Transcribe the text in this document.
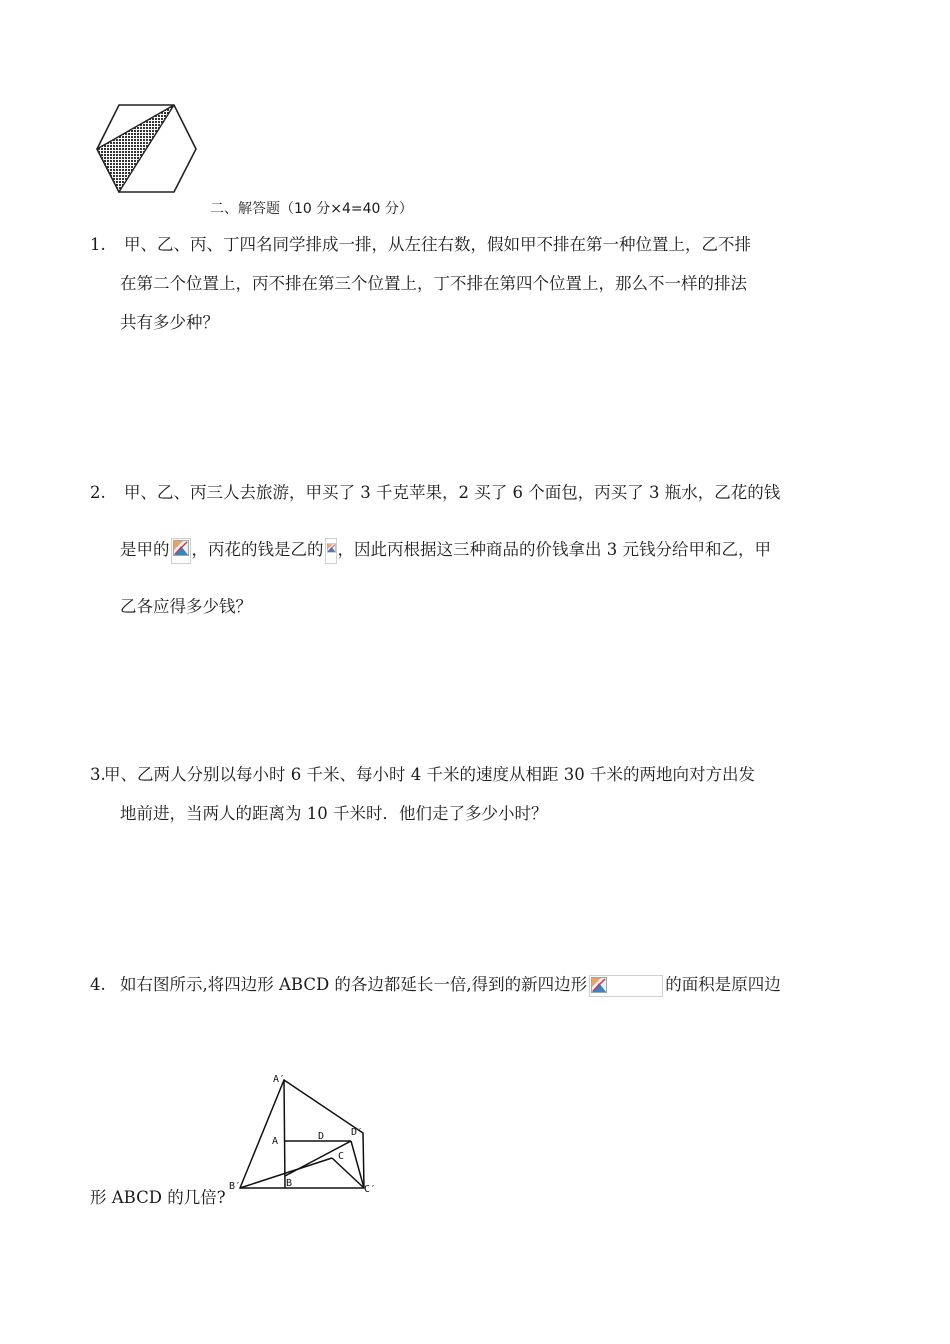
二、解答题（10 分×4=40 分）
1. 甲、乙、丙、丁四名同学排成一排，从左往右数，假如甲不排在第一种位置上，乙不排
在第二个位置上，丙不排在第三个位置上，丁不排在第四个位置上，那么不一样的排法
共有多少种？
2. 甲、乙、丙三人去旅游，甲买了 3 千克苹果，2 买了 6 个面包，丙买了 3 瓶水，乙花的钱
是甲的 ，丙花的钱是乙的 ，因此丙根据这三种商品的价钱拿出 3 元钱分给甲和乙，甲
乙各应得多少钱？
3.甲、乙两人分别以每小时 6 千米、每小时 4 千米的速度从相距 30 千米的两地向对方出发
地前进，当两人的距离为 10 千米时．他们走了多少小时？
4. 如右图所示,将四边形 ABCD 的各边都延长一倍,得到的新四边形	的面积是原四边
形 ABCD 的几倍?
A′
A	D	D′
C
C′
B
B′
